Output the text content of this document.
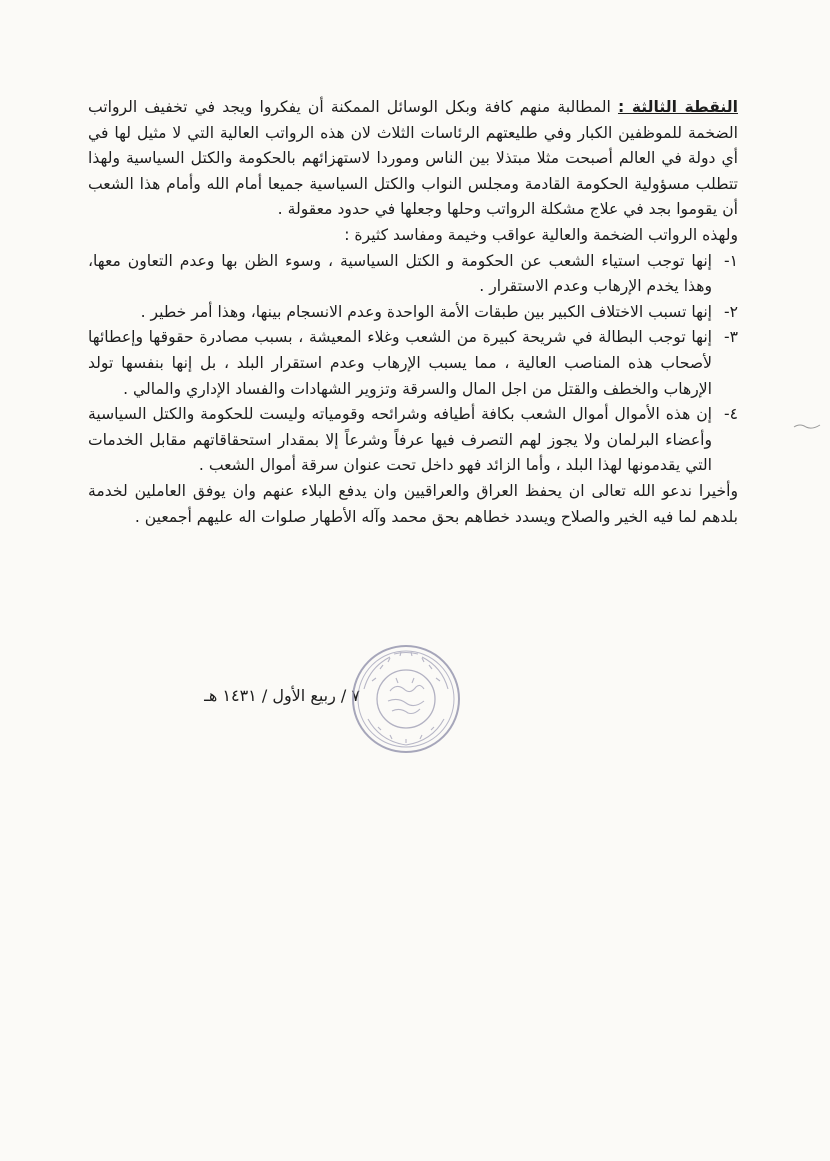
النقطة الثالثة : المطالبة منهم كافة وبكل الوسائل الممكنة أن يفكروا ويجد في تخفيف الرواتب الضخمة للموظفين الكبار وفي طليعتهم الرئاسات الثلاث لان هذه الرواتب العالية التي لا مثيل لها في أي دولة في العالم أصبحت مثلا مبتذلا بين الناس وموردا لاستهزائهم بالحكومة والكتل السياسية ولهذا تتطلب مسؤولية الحكومة القادمة ومجلس النواب والكتل السياسية جميعا أمام الله وأمام هذا الشعب أن يقوموا بجد في علاج مشكلة الرواتب وحلها وجعلها في حدود معقولة .

ولهذه الرواتب الضخمة والعالية عواقب وخيمة ومفاسد كثيرة :

١-
إنها توجب استياء الشعب عن الحكومة و الكتل السياسية ، وسوء الظن بها وعدم التعاون معها، وهذا يخدم الإرهاب وعدم الاستقرار .
٢-
إنها تسبب الاختلاف الكبير بين طبقات الأمة الواحدة وعدم الانسجام بينها، وهذا أمر خطير .
٣-
إنها توجب البطالة في شريحة كبيرة من الشعب وغلاء المعيشة ، بسبب مصادرة حقوقها وإعطائها لأصحاب هذه المناصب العالية ، مما يسبب الإرهاب وعدم استقرار البلد ، بل إنها بنفسها تولد الإرهاب والخطف والقتل من اجل المال والسرقة وتزوير الشهادات والفساد الإداري والمالي .
٤-
إن هذه الأموال أموال الشعب بكافة أطيافه وشرائحه وقومياته وليست للحكومة والكتل السياسية وأعضاء البرلمان ولا يجوز لهم التصرف فيها عرفاً وشرعاً إلا بمقدار استحقاقاتهم مقابل الخدمات التي يقدمونها لهذا البلد ، وأما الزائد فهو داخل تحت عنوان سرقة أموال الشعب .

وأخيرا ندعو الله تعالى ان يحفظ العراق والعراقيين وان يدفع البلاء عنهم وان يوفق العاملين لخدمة بلدهم لما فيه الخير والصلاح ويسدد خطاهم بحق محمد وآله الأطهار صلوات اله عليهم أجمعين .

٧ / ربيع الأول / ١٤٣١ هـ
